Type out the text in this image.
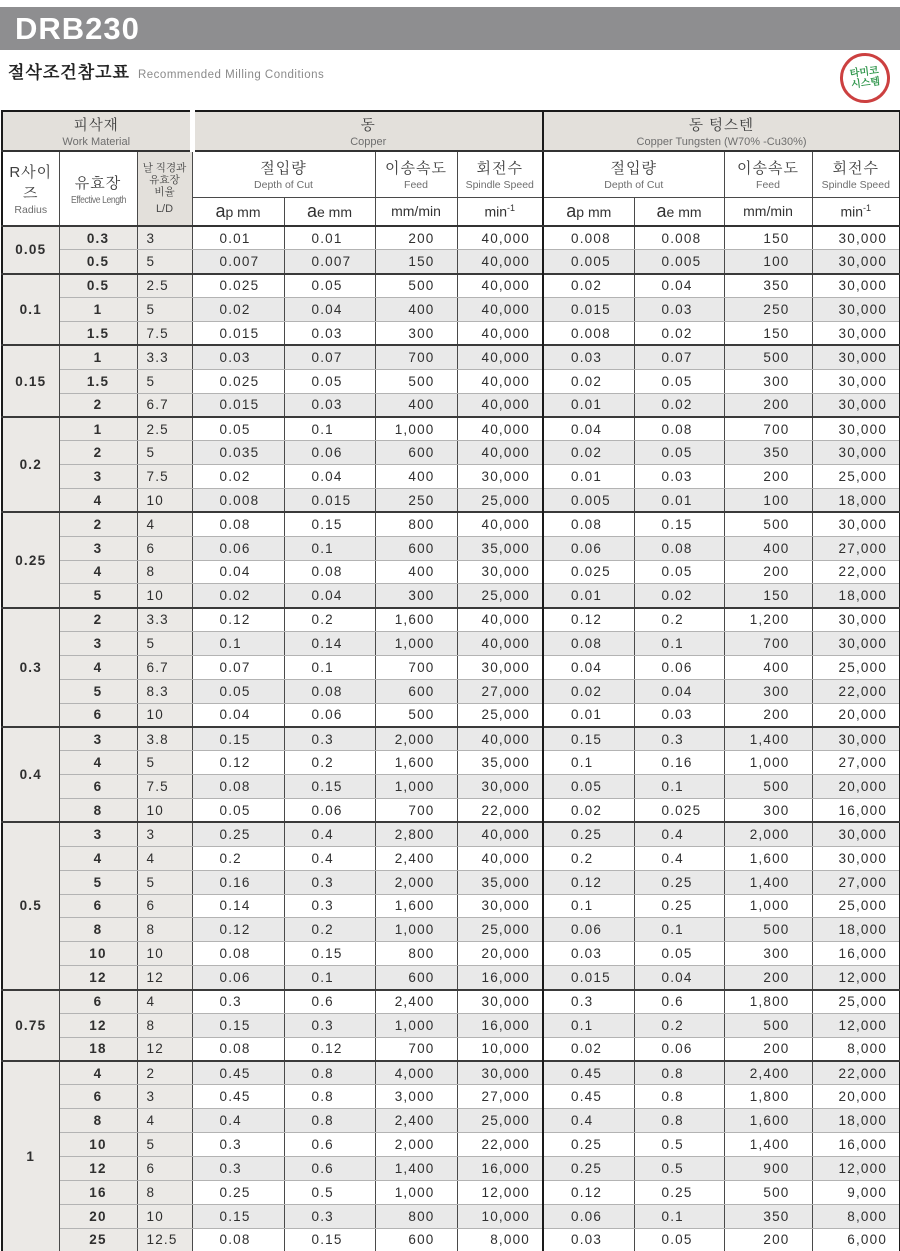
DRB230
절삭조건참고표 Recommended Milling Conditions	타미코
시스템
피삭재
Work Material			동
Copper				동 텅스텐
Copper Tungsten (W70% -Cu30%)			

R사이즈
Radius	유효장
Effective Length	날 직경과
유효장
비율
L/D	절입량
Depth of Cut		이송속도
Feed	회전수
Spindle Speed	절입량
Depth of Cut		이송속도
Feed	회전수
Spindle Speed

			ap mm	ae mm	mm/min	$\min^{-1}$	ap mm	ae mm	mm/min	$\min^{-1}$
0.05	0.3	3	0.01	0.01	200	40,000	0.008	0.008	150	30,000
	0.5	5	0.007	0.007	150	40,000	0.005	0.005	100	30,000
0.1	0.5	2.5	0.025	0.05	500	40,000	0.02	0.04	350	30,000
	1	5	0.02	0.04	400	40,000	0.015	0.03	250	30,000
	1.5	7.5	0.015	0.03	300	40,000	0.008	0.02	150	30,000
0.15	1	3.3	0.03	0.07	700	40,000	0.03	0.07	500	30,000
	1.5	5	0.025	0.05	500	40,000	0.02	0.05	300	30,000
	2	6.7	0.015	0.03	400	40,000	0.01	0.02	200	30,000
0.2	1	2.5	0.05	0.1	1,000	40,000	0.04	0.08	700	30,000
	2	5	0.035	0.06	600	40,000	0.02	0.05	350	30,000
	3	7.5	0.02	0.04	400	30,000	0.01	0.03	200	25,000
	4	10	0.008	0.015	250	25,000	0.005	0.01	100	18,000
0.25	2	4	0.08	0.15	800	40,000	0.08	0.15	500	30,000
	3	6	0.06	0.1	600	35,000	0.06	0.08	400	27,000
	4	8	0.04	0.08	400	30,000	0.025	0.05	200	22,000
	5	10	0.02	0.04	300	25,000	0.01	0.02	150	18,000
0.3	2	3.3	0.12	0.2	1,600	40,000	0.12	0.2	1,200	30,000
	3	5	0.1	0.14	1,000	40,000	0.08	0.1	700	30,000
	4	6.7	0.07	0.1	700	30,000	0.04	0.06	400	25,000
	5	8.3	0.05	0.08	600	27,000	0.02	0.04	300	22,000
	6	10	0.04	0.06	500	25,000	0.01	0.03	200	20,000
0.4	3	3.8	0.15	0.3	2,000	40,000	0.15	0.3	1,400	30,000
	4	5	0.12	0.2	1,600	35,000	0.1	0.16	1,000	27,000
	6	7.5	0.08	0.15	1,000	30,000	0.05	0.1	500	20,000
	8	10	0.05	0.06	700	22,000	0.02	0.025	300	16,000
0.5	3	3	0.25	0.4	2,800	40,000	0.25	0.4	2,000	30,000
	4	4	0.2	0.4	2,400	40,000	0.2	0.4	1,600	30,000
	5	5	0.16	0.3	2,000	35,000	0.12	0.25	1,400	27,000
	6	6	0.14	0.3	1,600	30,000	0.1	0.25	1,000	25,000
	8	8	0.12	0.2	1,000	25,000	0.06	0.1	500	18,000
	10	10	0.08	0.15	800	20,000	0.03	0.05	300	16,000
	12	12	0.06	0.1	600	16,000	0.015	0.04	200	12,000
0.75	6	4	0.3	0.6	2,400	30,000	0.3	0.6	1,800	25,000
	12	8	0.15	0.3	1,000	16,000	0.1	0.2	500	12,000
	18	12	0.08	0.12	700	10,000	0.02	0.06	200	8,000
1	4	2	0.45	0.8	4,000	30,000	0.45	0.8	2,400	22,000
	6	3	0.45	0.8	3,000	27,000	0.45	0.8	1,800	20,000
	8	4	0.4	0.8	2,400	25,000	0.4	0.8	1,600	18,000
	10	5	0.3	0.6	2,000	22,000	0.25	0.5	1,400	16,000
	12	6	0.3	0.6	1,400	16,000	0.25	0.5	900	12,000
	16	8	0.25	0.5	1,000	12,000	0.12	0.25	500	9,000
	20	10	0.15	0.3	800	10,000	0.06	0.1	350	8,000
	25	12.5	0.08	0.15	600	8,000	0.03	0.05	200	6,000
